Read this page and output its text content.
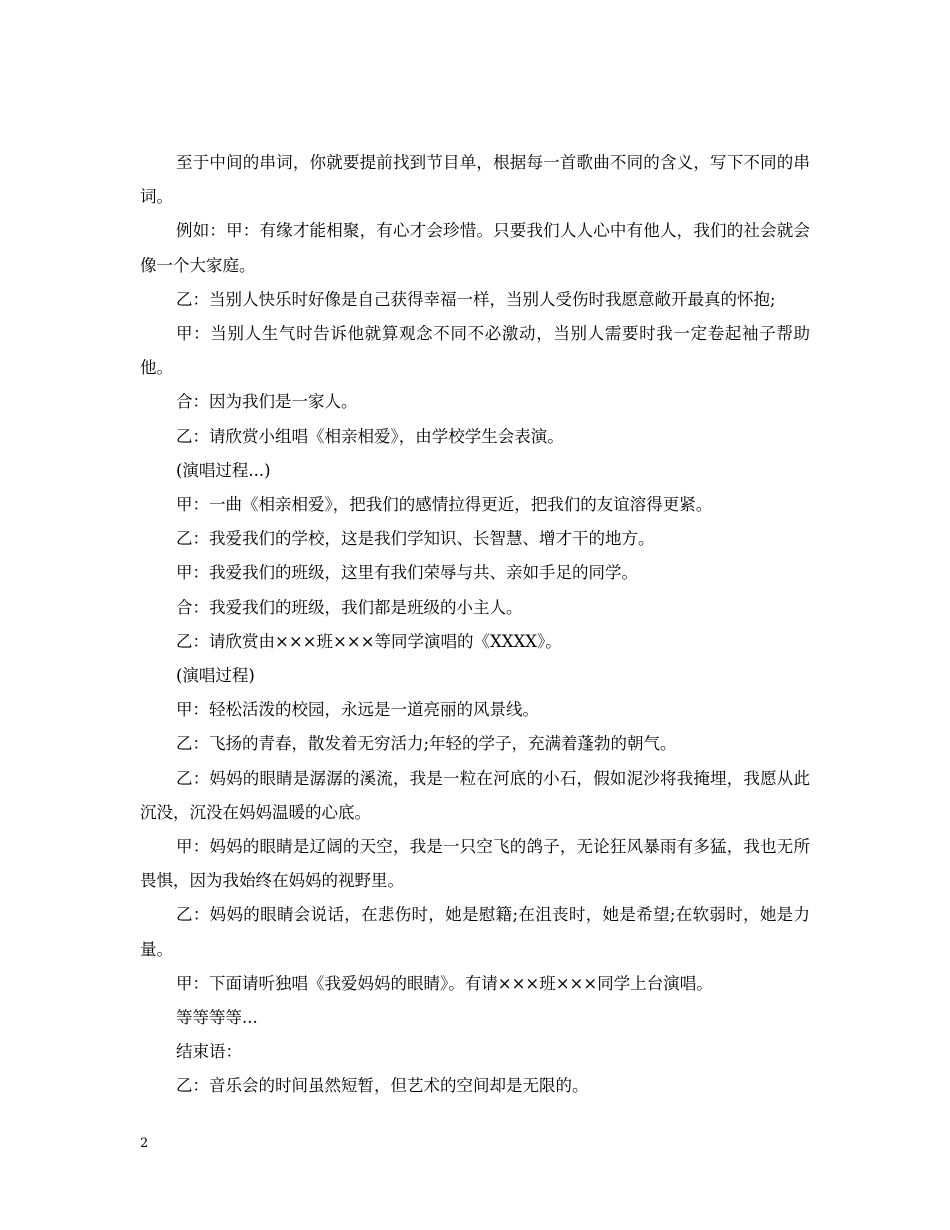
至于中间的串词，你就要提前找到节目单，根据每一首歌曲不同的含义，写下不同的串词。

例如：甲：有缘才能相聚，有心才会珍惜。只要我们人人心中有他人，我们的社会就会像一个大家庭。

乙：当别人快乐时好像是自己获得幸福一样，当别人受伤时我愿意敞开最真的怀抱;

甲：当别人生气时告诉他就算观念不同不必激动，当别人需要时我一定卷起袖子帮助他。

合：因为我们是一家人。

乙：请欣赏小组唱《相亲相爱》，由学校学生会表演。

(演唱过程...)

甲：一曲《相亲相爱》，把我们的感情拉得更近，把我们的友谊溶得更紧。

乙：我爱我们的学校，这是我们学知识、长智慧、增才干的地方。

甲：我爱我们的班级，这里有我们荣辱与共、亲如手足的同学。

合：我爱我们的班级，我们都是班级的小主人。

乙：请欣赏由×××班×××等同学演唱的《XXXX》。

(演唱过程)

甲：轻松活泼的校园，永远是一道亮丽的风景线。

乙：飞扬的青春，散发着无穷活力;年轻的学子，充满着蓬勃的朝气。

乙：妈妈的眼睛是潺潺的溪流，我是一粒在河底的小石，假如泥沙将我掩埋，我愿从此沉没，沉没在妈妈温暖的心底。

甲：妈妈的眼睛是辽阔的天空，我是一只空飞的鸽子，无论狂风暴雨有多猛，我也无所畏惧，因为我始终在妈妈的视野里。

乙：妈妈的眼睛会说话，在悲伤时，她是慰籍;在沮丧时，她是希望;在软弱时，她是力量。

甲：下面请听独唱《我爱妈妈的眼睛》。有请×××班×××同学上台演唱。

等等等等...

结束语：

乙：音乐会的时间虽然短暂，但艺术的空间却是无限的。

2
